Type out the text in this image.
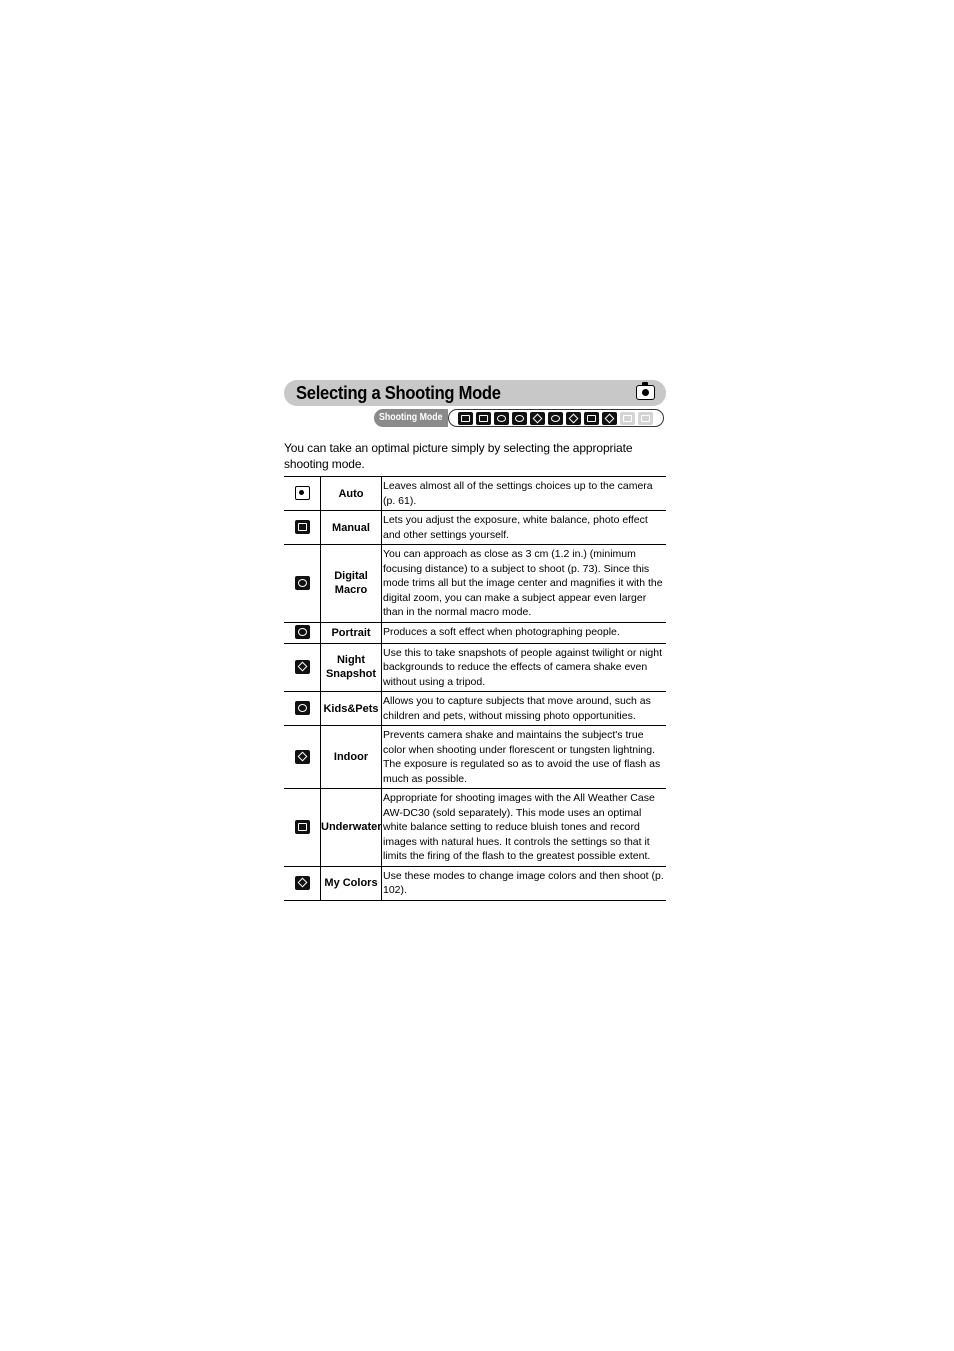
Selecting a Shooting Mode
Shooting Mode
You can take an optimal picture simply by selecting the appropriate shooting mode.
	Auto	Leaves almost all of the settings choices up to the camera (p. 61).
	Manual	Lets you adjust the exposure, white balance, photo effect and other settings yourself.
	Digital Macro	You can approach as close as 3 cm (1.2 in.) (minimum focusing distance) to a subject to shoot (p. 73). Since this mode trims all but the image center and magnifies it with the digital zoom, you can make a subject appear even larger than in the normal macro mode.
	Portrait	Produces a soft effect when photographing people.
	Night Snapshot	Use this to take snapshots of people against twilight or night backgrounds to reduce the effects of camera shake even without using a tripod.
	Kids&Pets	Allows you to capture subjects that move around, such as children and pets, without missing photo opportunities.
	Indoor	Prevents camera shake and maintains the subject's true color when shooting under florescent or tungsten lightning. The exposure is regulated so as to avoid the use of flash as much as possible.
	Underwater	Appropriate for shooting images with the All Weather Case AW-DC30 (sold separately). This mode uses an optimal white balance setting to reduce bluish tones and record images with natural hues. It controls the settings so that it limits the firing of the flash to the greatest possible extent.
	My Colors	Use these modes to change image colors and then shoot (p. 102).
